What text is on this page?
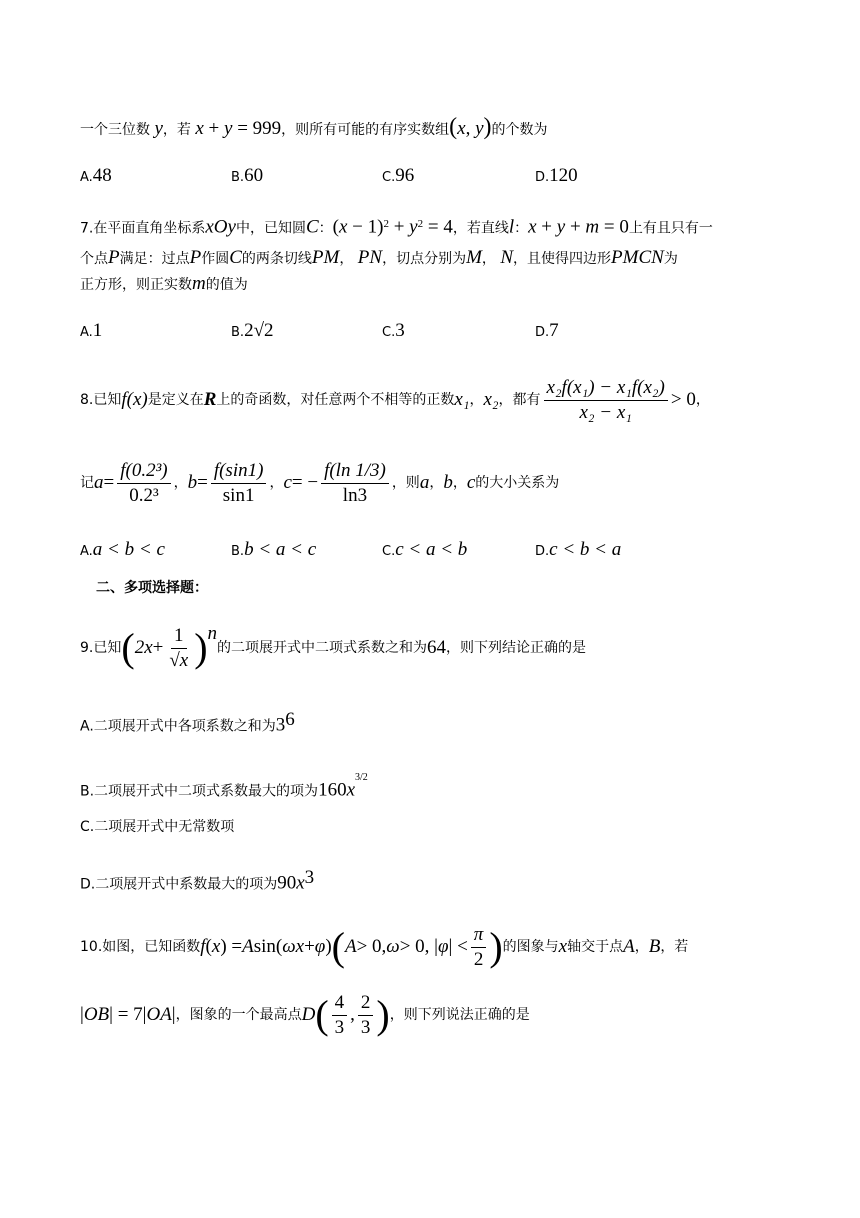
一个三位数 y，若 x + y = 999，则所有可能的有序实数组(x, y)的个数为
A.48	B.60	C.96	D.120
7.在平面直角坐标系xOy中，已知圆C：$(x - 1)^2 + y^2 = 4$，若直线l：x + y + m = 0上有且只有一
个点P满足：过点P作圆C的两条切线PM， PN，切点分别为M， N，且使得四边形PMCN为
正方形，则正实数m的值为
A.1	B.2√2	C.3	D.7
8.已知 f(x) 是定义在 R 上的奇函数，对任意两个不相等的正数 x₁ ， x₂ ，都有 $\frac{\text{x₂f(x₁) − x₁f(x₂)}}{\text{x₂ − x₁}} > 0$ ，
记 $a = \frac{\text{f(0.2³)}}{\text{0.2³}}$ ， $b = \frac{f(\sin 1)}{\sin 1}$ ， c = − $\frac{f(\ln 1/3)}{\ln 3}$ ，则 a ， b ， c 的大小关系为
A.a < b < c	B.b < a < c	C.c < a < b	D.c < b < a
二、多项选择题：
9.已知 ( $2x + \frac{1}{√x} )^n$
的二项展开式中二项式系数之和为 64 ，则下列结论正确的是
A.二项展开式中各项系数之和为$3^6$
B.二项展开式中二项式系数最大的项为$160x^{3/2}$
C.二项展开式中无常数项
D.二项展开式中系数最大的项为$90x^3$
10.如图，已知函数 f ( x ) = A sin( ωx + φ ) ( A > 0, ω > 0, | φ | < $\frac{\pi}{2}$ ) 的图象与 x 轴交于点 A ， B ，若
| OB | = 7| OA | ，图象的一个最高点 D ( $\frac{4}{3}$ , $\frac{2}{3}$ ) ，则下列说法正确的是
